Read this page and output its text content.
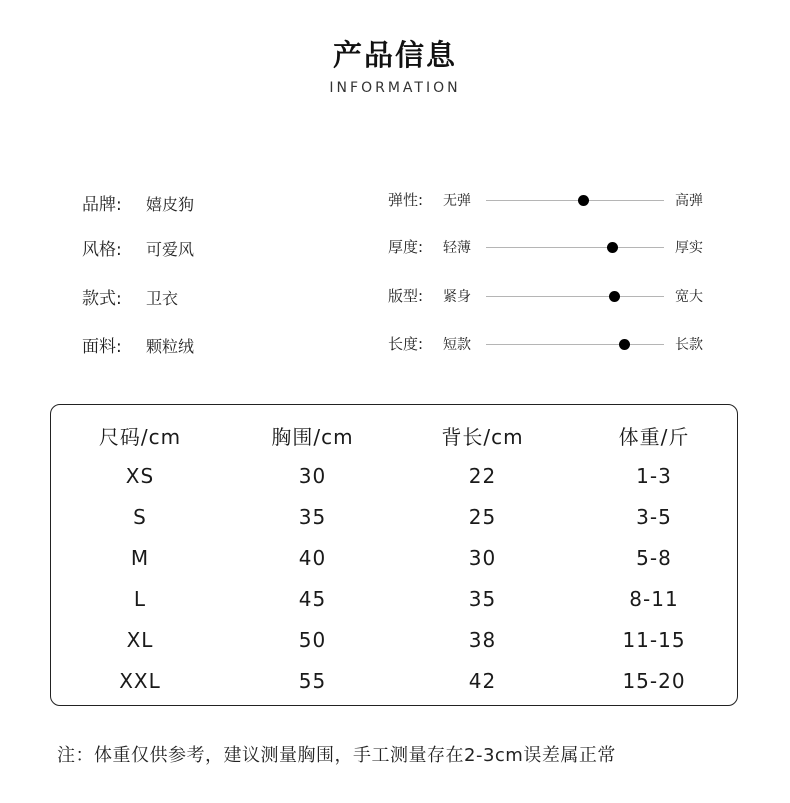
产品信息
INFORMATION
品牌: 嬉皮狗
风格: 可爱风
款式: 卫衣
面料: 颗粒绒
弹性: 无弹	高弹
厚度: 轻薄	厚实
版型: 紧身	宽大
长度: 短款	长款
尺码/cm	胸围/cm	背长/cm	体重/斤
XS	30	22	1-3
S	35	25	3-5
M	40	30	5-8
L	45	35	8-11
XL	50	38	11-15
XXL	55	42	15-20
注：体重仅供参考，建议测量胸围，手工测量存在2-3cm误差属正常
